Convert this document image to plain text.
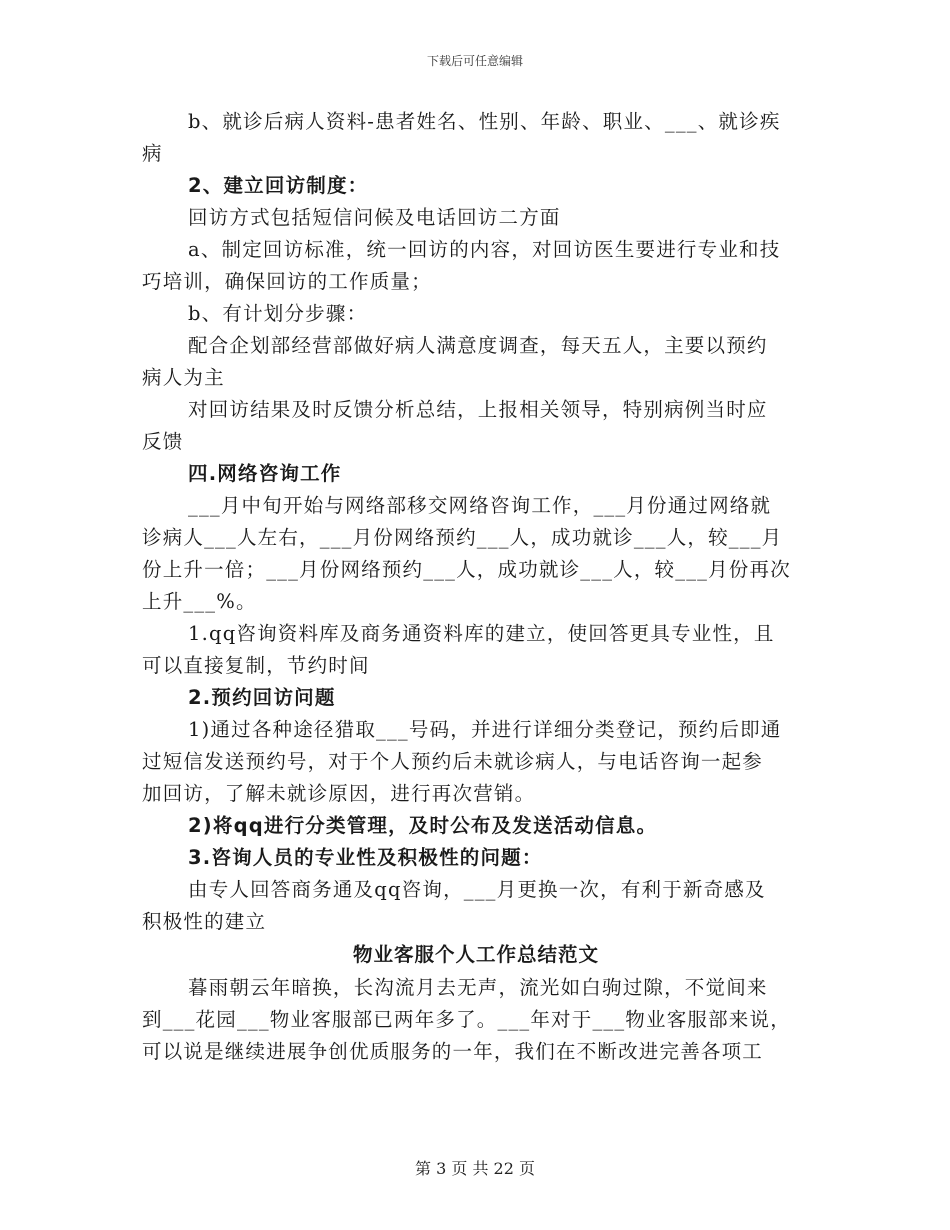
下载后可任意编辑
b、就诊后病人资料-患者姓名、性别、年龄、职业、___、就诊疾
病
2、建立回访制度：
回访方式包括短信问候及电话回访二方面
a、制定回访标准，统一回访的内容，对回访医生要进行专业和技
巧培训，确保回访的工作质量；
b、有计划分步骤：
配合企划部经营部做好病人满意度调查，每天五人，主要以预约
病人为主
对回访结果及时反馈分析总结，上报相关领导，特别病例当时应
反馈
四.网络咨询工作
___月中旬开始与网络部移交网络咨询工作，___月份通过网络就
诊病人___人左右，___月份网络预约___人，成功就诊___人，较___月
份上升一倍；___月份网络预约___人，成功就诊___人，较___月份再次
上升___%。
1.qq咨询资料库及商务通资料库的建立，使回答更具专业性，且
可以直接复制，节约时间
2.预约回访问题
1)通过各种途径猎取___号码，并进行详细分类登记，预约后即通
过短信发送预约号，对于个人预约后未就诊病人，与电话咨询一起参
加回访，了解未就诊原因，进行再次营销。
2)将qq进行分类管理，及时公布及发送活动信息。
3.咨询人员的专业性及积极性的问题：
由专人回答商务通及qq咨询，___月更换一次，有利于新奇感及
积极性的建立
物业客服个人工作总结范文
暮雨朝云年暗换，长沟流月去无声，流光如白驹过隙，不觉间来
到___花园___物业客服部已两年多了。___年对于___物业客服部来说，
可以说是继续进展争创优质服务的一年，我们在不断改进完善各项工
第 3 页 共 22 页
